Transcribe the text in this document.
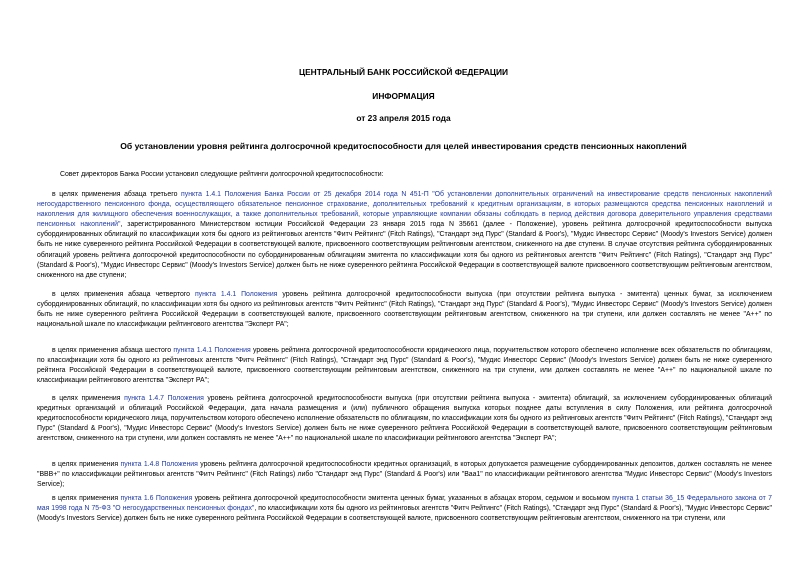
ЦЕНТРАЛЬНЫЙ БАНК РОССИЙСКОЙ ФЕДЕРАЦИИ
ИНФОРМАЦИЯ
от 23 апреля 2015 года
Об установлении уровня рейтинга долгосрочной кредитоспособности для целей инвестирования средств пенсионных накоплений
Совет директоров Банка России установил следующие рейтинги долгосрочной кредитоспособности:
в целях применения абзаца третьего пункта 1.4.1 Положения Банка России от 25 декабря 2014 года N 451-П "Об установлении дополнительных ограничений на инвестирование средств пенсионных накоплений негосударственного пенсионного фонда, осуществляющего обязательное пенсионное страхование, дополнительных требований к кредитным организациям, в которых размещаются средства пенсионных накоплений и накопления для жилищного обеспечения военнослужащих, а также дополнительных требований, которые управляющие компании обязаны соблюдать в период действия договора доверительного управления средствами пенсионных накоплений", зарегистрированного Министерством юстиции Российской Федерации 23 января 2015 года N 35661 (далее - Положение), уровень рейтинга долгосрочной кредитоспособности выпуска субординированных облигаций по классификации хотя бы одного из рейтинговых агентств "Фитч Рейтингс" (Fitch Ratings), "Стандарт энд Пурс" (Standard & Poor's), "Мудис Инвесторс Сервис" (Moody's Investors Service) должен быть не ниже суверенного рейтинга Российской Федерации в соответствующей валюте, присвоенного соответствующим рейтинговым агентством, сниженного на две ступени. В случае отсутствия рейтинга субординированных облигаций уровень рейтинга долгосрочной кредитоспособности по субординированным облигациям эмитента по классификации хотя бы одного из рейтинговых агентств "Фитч Рейтингс" (Fitch Ratings), "Стандарт энд Пурс" (Standard & Poor's), "Мудис Инвесторс Сервис" (Moody's Investors Service) должен быть не ниже суверенного рейтинга Российской Федерации в соответствующей валюте присвоенного соответствующим рейтинговым агентством, сниженного на две ступени;
в целях применения абзаца четвертого пункта 1.4.1 Положения уровень рейтинга долгосрочной кредитоспособности выпуска (при отсутствии рейтинга выпуска - эмитента) ценных бумаг, за исключением субординированных облигаций, по классификации хотя бы одного из рейтинговых агентств "Фитч Рейтингс" (Fitch Ratings), "Стандарт энд Пурс" (Standard & Poor's), "Мудис Инвесторс Сервис" (Moody's Investors Service) должен быть не ниже суверенного рейтинга Российской Федерации в соответствующей валюте, присвоенного соответствующим рейтинговым агентством, сниженного на три ступени, или должен составлять не менее "A++" по национальной шкале по классификации рейтингового агентства "Эксперт РА";
в целях применения абзаца шестого пункта 1.4.1 Положения уровень рейтинга долгосрочной кредитоспособности юридического лица, поручительством которого обеспечено исполнение всех обязательств по облигациям, по классификации хотя бы одного из рейтинговых агентств "Фитч Рейтингс" (Fitch Ratings), "Стандарт энд Пурс" (Standard & Poor's), "Мудис Инвесторс Сервис" (Moody's Investors Service) должен быть не ниже суверенного рейтинга Российской Федерации в соответствующей валюте, присвоенного соответствующим рейтинговым агентством, сниженного на три ступени, или должен составлять не менее "A++" по национальной шкале по классификации рейтингового агентства "Эксперт РА";
в целях применения пункта 1.4.7 Положения уровень рейтинга долгосрочной кредитоспособности выпуска (при отсутствии рейтинга выпуска - эмитента) облигаций, за исключением субординированных облигаций кредитных организаций и облигаций Российской Федерации, дата начала размещения и (или) публичного обращения выпуска которых позднее даты вступления в силу Положения, или рейтинга долгосрочной кредитоспособности юридического лица, поручительством которого обеспечено исполнение обязательств по облигациям, по классификации хотя бы одного из рейтинговых агентств "Фитч Рейтингс" (Fitch Ratings), "Стандарт энд Пурс" (Standard & Poor's), "Мудис Инвесторс Сервис" (Moody's Investors Service) должен быть не ниже суверенного рейтинга Российской Федерации в соответствующей валюте, присвоенного соответствующим рейтинговым агентством, сниженного на три ступени, или должен составлять не менее "A++" по национальной шкале по классификации рейтингового агентства "Эксперт РА";
в целях применения пункта 1.4.8 Положения уровень рейтинга долгосрочной кредитоспособности кредитных организаций, в которых допускается размещение субординированных депозитов, должен составлять не менее "BBB+" по классификации рейтинговых агентств "Фитч Рейтингс" (Fitch Ratings) либо "Стандарт энд Пурс" (Standard & Poor's) или "Baa1" по классификации рейтингового агентства "Мудис Инвесторс Сервис" (Moody's Investors Service);
в целях применения пункта 1.6 Положения уровень рейтинга долгосрочной кредитоспособности эмитента ценных бумаг, указанных в абзацах втором, седьмом и восьмом пункта 1 статьи 36_15 Федерального закона от 7 мая 1998 года N 75-ФЗ "О негосударственных пенсионных фондах", по классификации хотя бы одного из рейтинговых агентств "Фитч Рейтингс" (Fitch Ratings), "Стандарт энд Пурс" (Standard & Poor's), "Мудис Инвесторс Сервис" (Moody's Investors Service) должен быть не ниже суверенного рейтинга Российской Федерации в соответствующей валюте, присвоенного соответствующим рейтинговым агентством, сниженного на три ступени, или
